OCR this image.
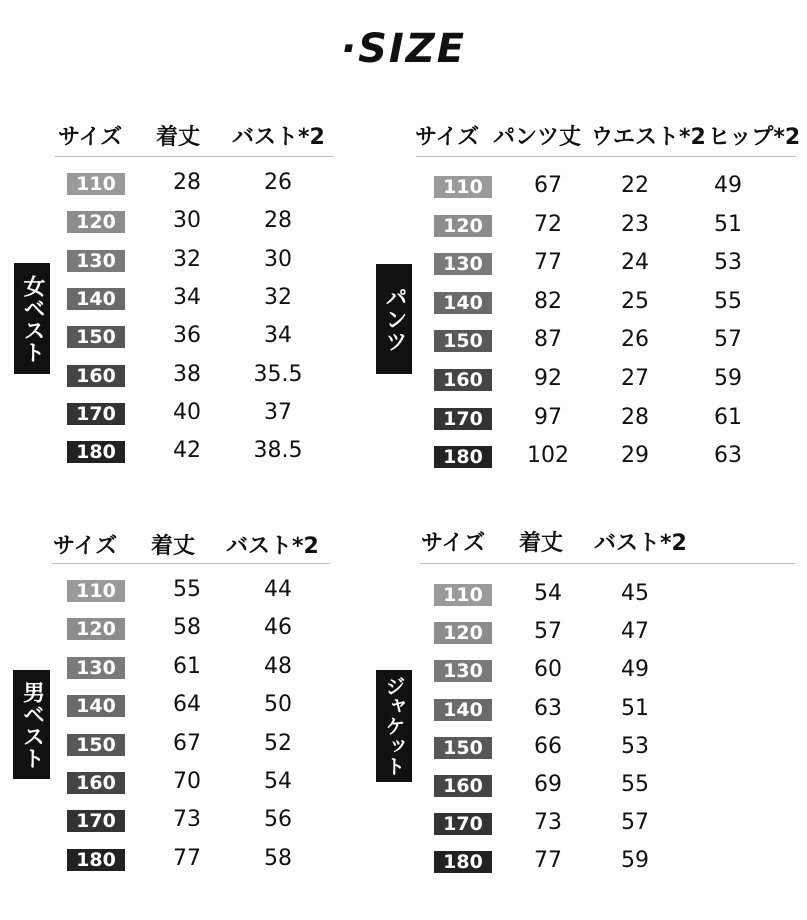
·SIZE
サイズ 着丈 バスト*2
女ベスト
110	28	26
120	30	28
130	32	30
140	34	32
150	36	34
160	38	35.5
170	40	37
180	42	38.5
サイズ パンツ丈 ウエスト*2 ヒップ*2
パンツ
110	67	22	49
120	72	23	51
130	77	24	53
140	82	25	55
150	87	26	57
160	92	27	59
170	97	28	61
180	102	29	63
サイズ 着丈 バスト*2
男ベスト
110	55	44
120	58	46
130	61	48
140	64	50
150	67	52
160	70	54
170	73	56
180	77	58
サイズ 着丈 バスト*2
ジャケット
110	54	45
120	57	47
130	60	49
140	63	51
150	66	53
160	69	55
170	73	57
180	77	59
